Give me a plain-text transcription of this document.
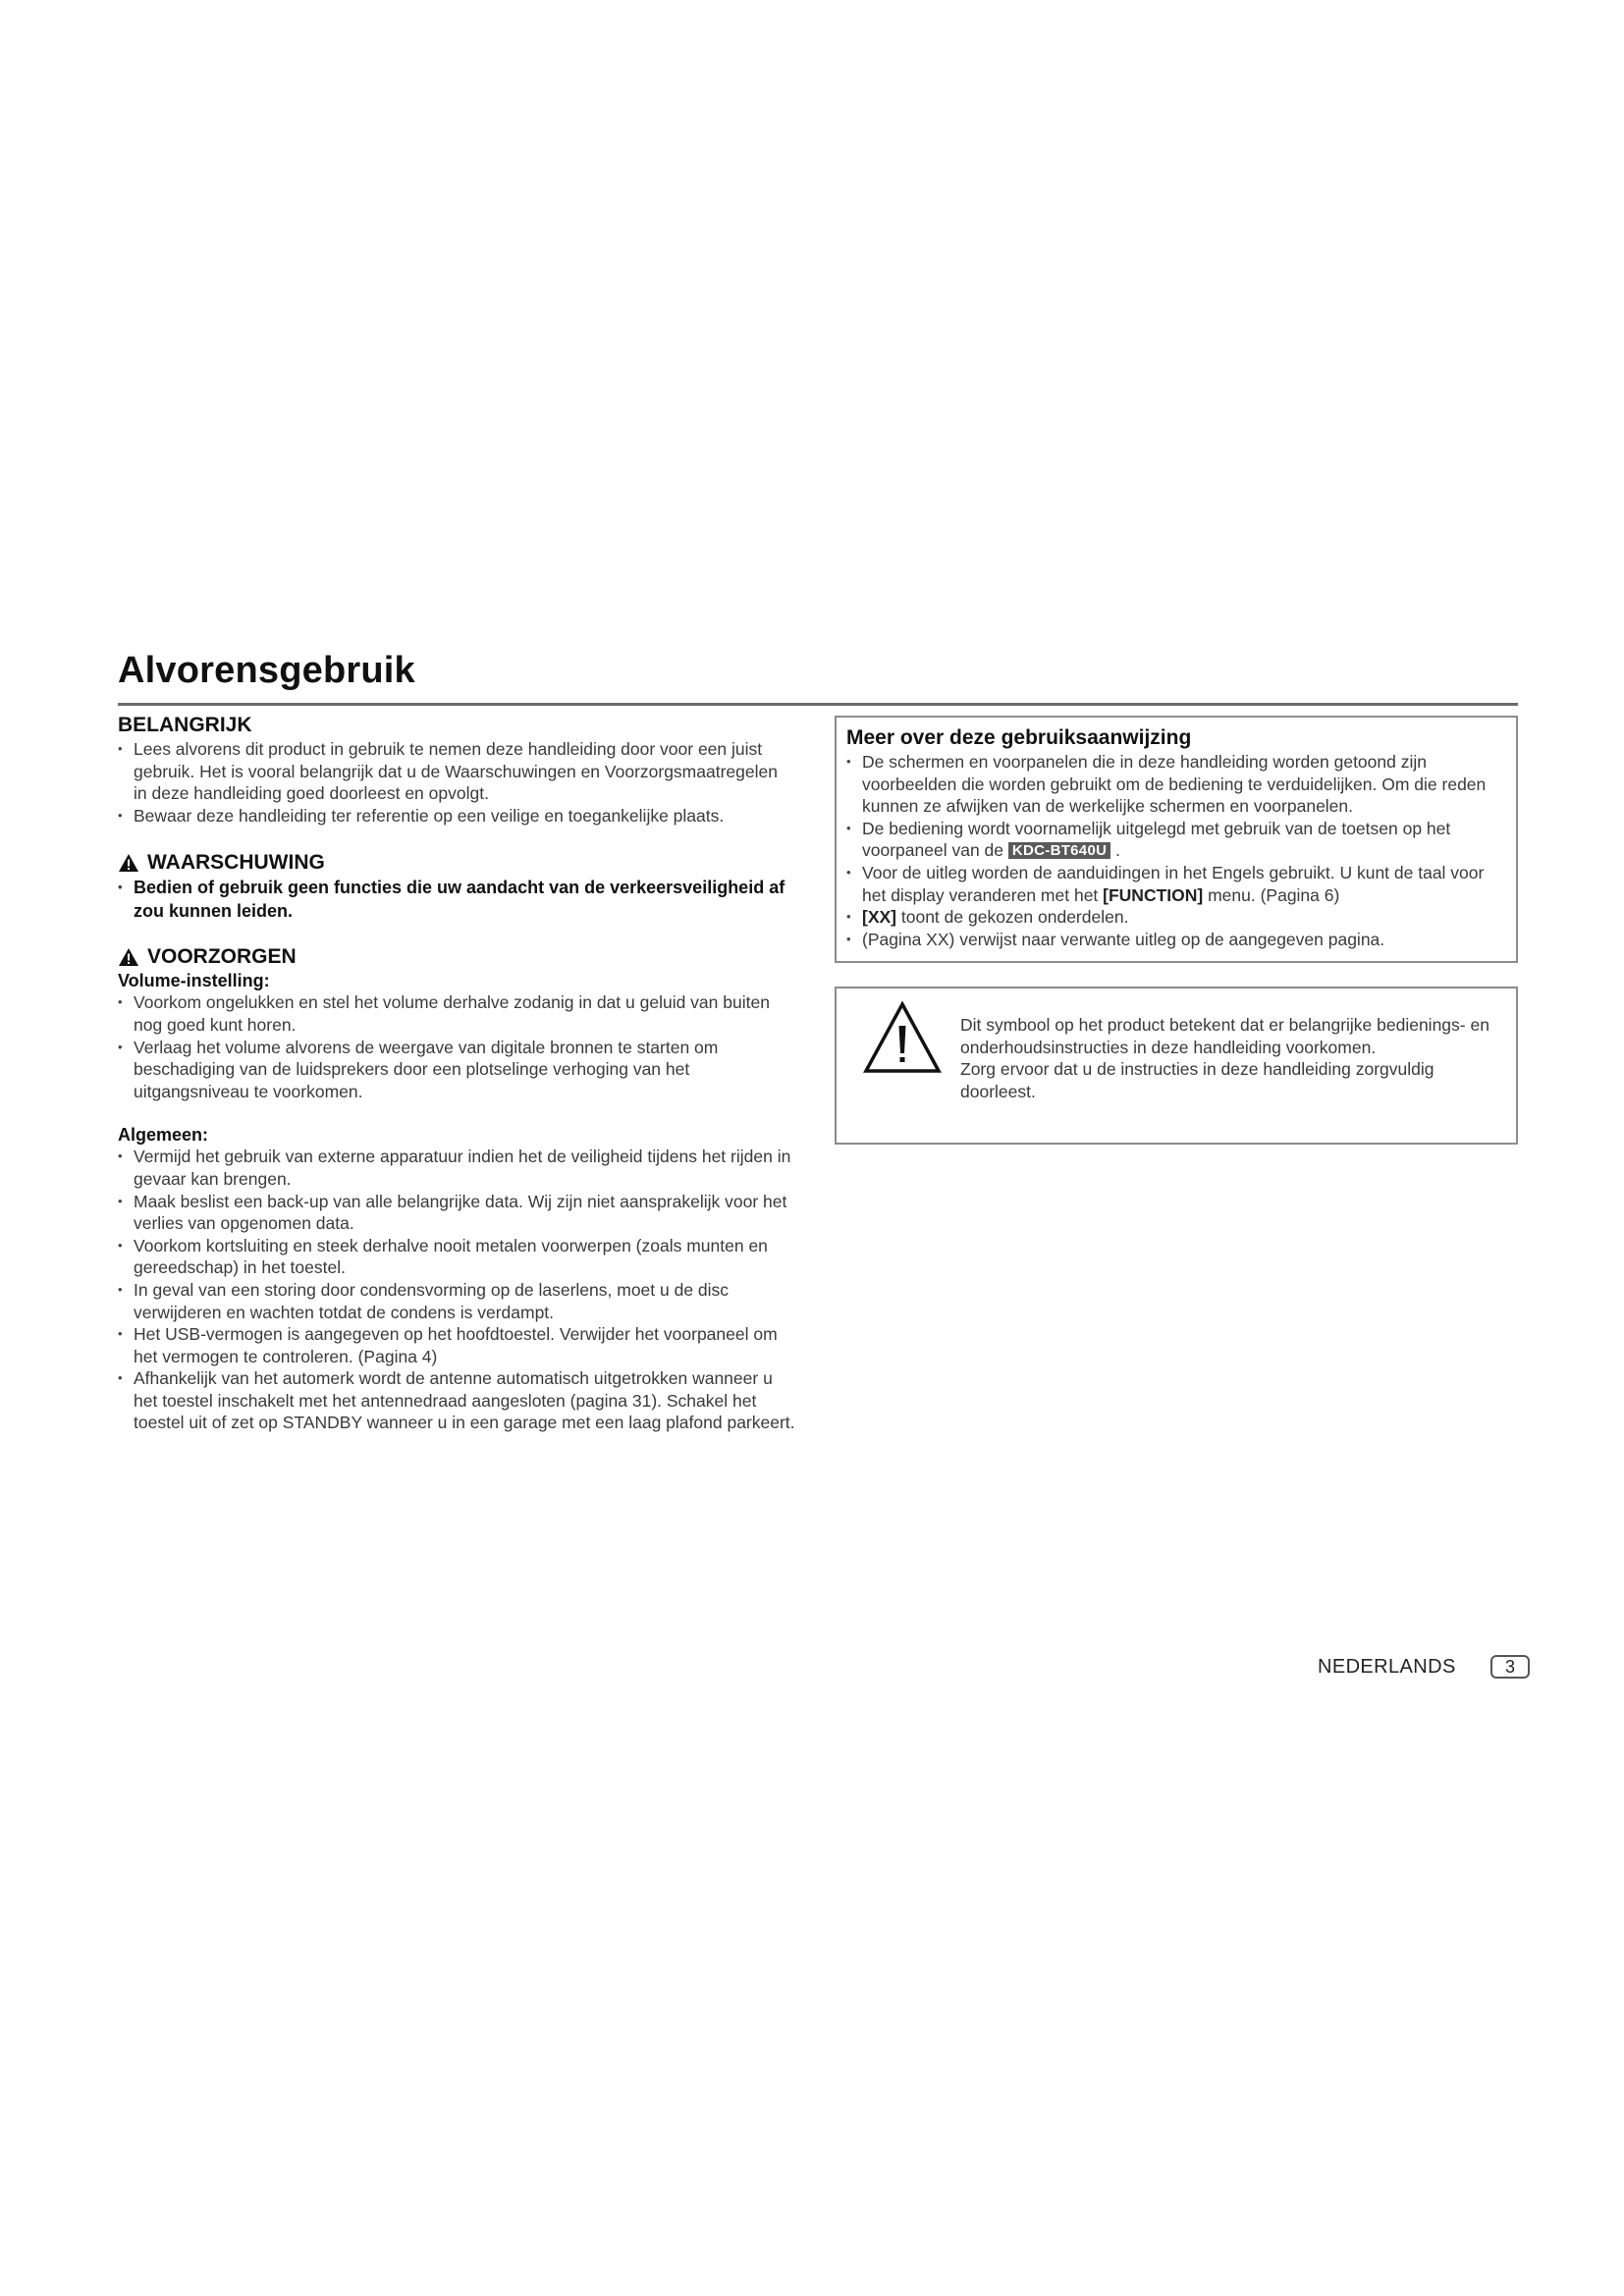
Alvorensgebruik
BELANGRIJK
• Lees alvorens dit product in gebruik te nemen deze handleiding door voor een juist gebruik. Het is vooral belangrijk dat u de Waarschuwingen en Voorzorgsmaatregelen in deze handleiding goed doorleest en opvolgt.
• Bewaar deze handleiding ter referentie op een veilige en toegankelijke plaats.
WAARSCHUWING
• Bedien of gebruik geen functies die uw aandacht van de verkeersveiligheid af zou kunnen leiden.
VOORZORGEN
Volume-instelling:
• Voorkom ongelukken en stel het volume derhalve zodanig in dat u geluid van buiten nog goed kunt horen.
• Verlaag het volume alvorens de weergave van digitale bronnen te starten om beschadiging van de luidsprekers door een plotselinge verhoging van het uitgangsniveau te voorkomen.
Algemeen:
• Vermijd het gebruik van externe apparatuur indien het de veiligheid tijdens het rijden in gevaar kan brengen.
• Maak beslist een back-up van alle belangrijke data. Wij zijn niet aansprakelijk voor het verlies van opgenomen data.
• Voorkom kortsluiting en steek derhalve nooit metalen voorwerpen (zoals munten en gereedschap) in het toestel.
• In geval van een storing door condensvorming op de laserlens, moet u de disc verwijderen en wachten totdat de condens is verdampt.
• Het USB-vermogen is aangegeven op het hoofdtoestel. Verwijder het voorpaneel om het vermogen te controleren. (Pagina 4)
• Afhankelijk van het automerk wordt de antenne automatisch uitgetrokken wanneer u het toestel inschakelt met het antennedraad aangesloten (pagina 31). Schakel het toestel uit of zet op STANDBY wanneer u in een garage met een laag plafond parkeert.
Meer over deze gebruiksaanwijzing
• De schermen en voorpanelen die in deze handleiding worden getoond zijn voorbeelden die worden gebruikt om de bediening te verduidelijken. Om die reden kunnen ze afwijken van de werkelijke schermen en voorpanelen.
• De bediening wordt voornamelijk uitgelegd met gebruik van de toetsen op het voorpaneel van de KDC-BT640U .
• Voor de uitleg worden de aanduidingen in het Engels gebruikt. U kunt de taal voor het display veranderen met het [FUNCTION] menu. (Pagina 6)
• [XX] toont de gekozen onderdelen.
• (Pagina XX) verwijst naar verwante uitleg op de aangegeven pagina.

Dit symbool op het product betekent dat er belangrijke bedienings- en onderhoudsinstructies in deze handleiding voorkomen.

Zorg ervoor dat u de instructies in deze handleiding zorgvuldig doorleest.

NEDERLANDS	3
